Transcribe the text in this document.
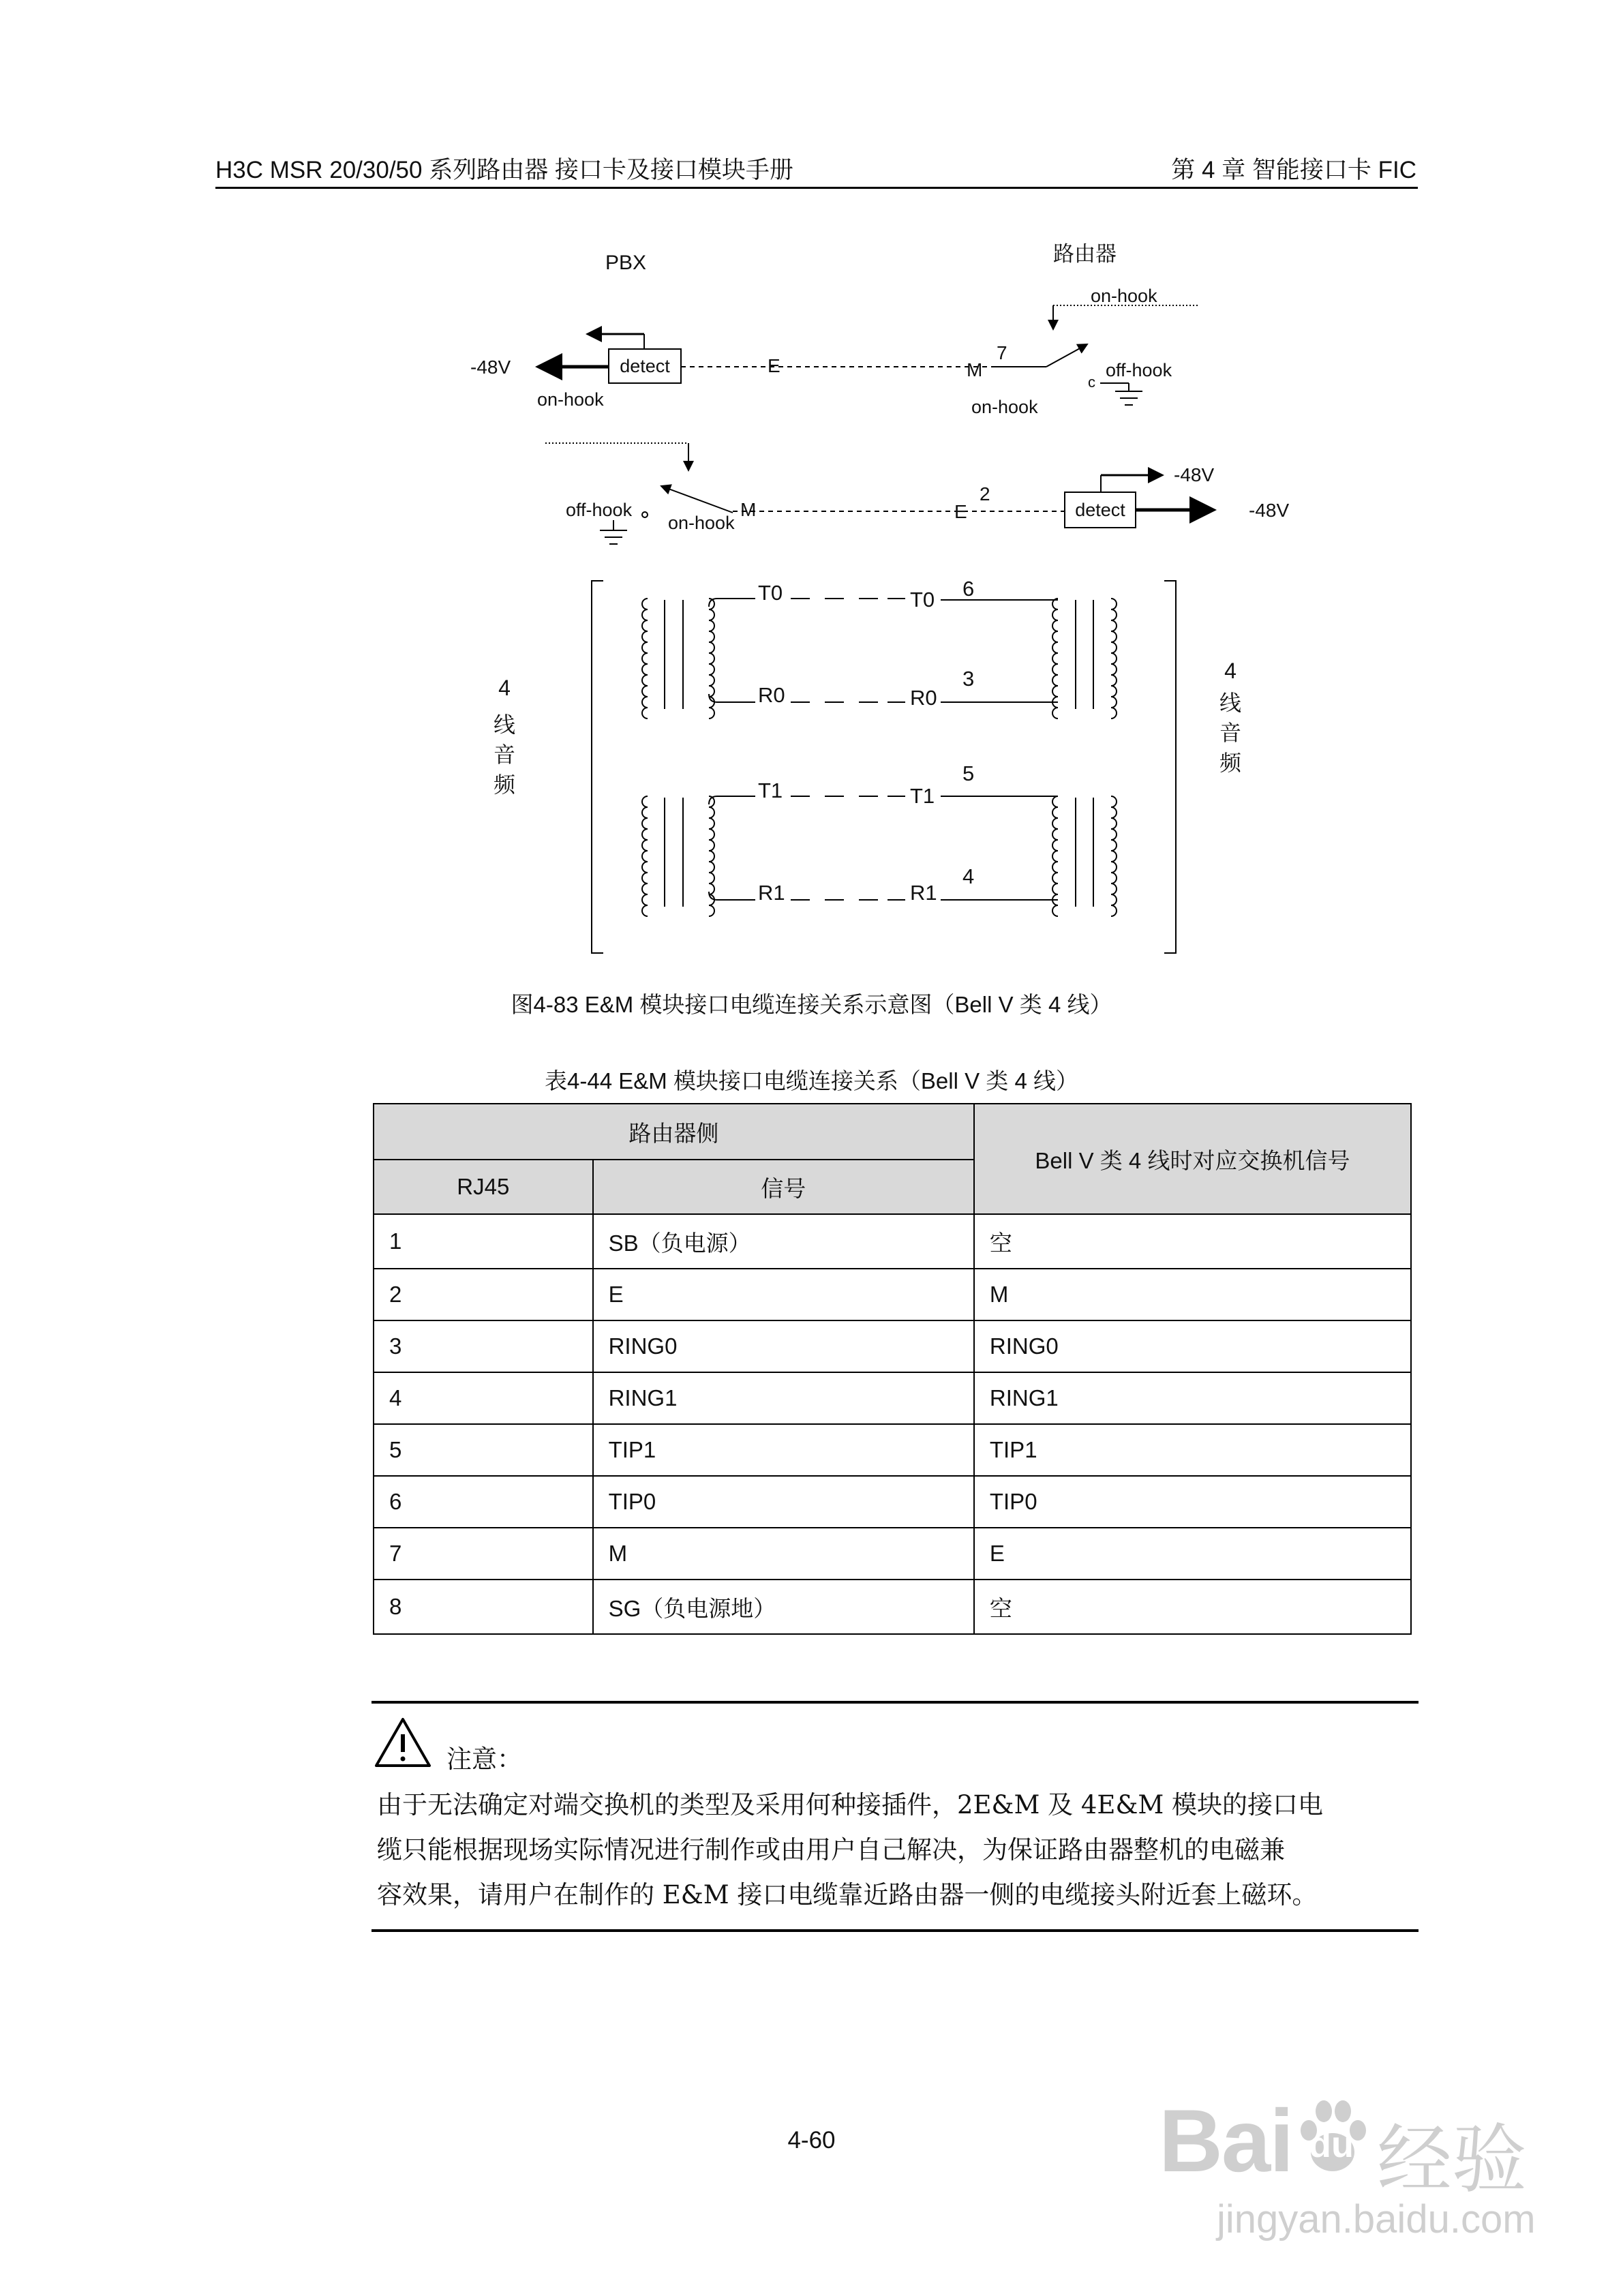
H3C MSR 20/30/50 系列路由器 接口卡及接口模块手册	第 4 章 智能接口卡 FIC
PBX	路由器
-48V	detect
on-hook
E	M
7
on-hook
c
off-hook
on-hook
off-hook
on-hook
M	E
2
detect
-48V
-48V
4
线
音
频
4
线
音
频
T0	T0 6
R0	R0
3
T1	T1
5
R1	R1
4
图4-83 E&M 模块接口电缆连接关系示意图（Bell V 类 4 线）
表4-44 E&M 模块接口电缆连接关系（Bell V 类 4 线）
路由器侧		Bell V 类 4 线时对应交换机信号
RJ45	信号	
1	SB（负电源）	空
2	E	M
3	RING0	RING0
4	RING1	RING1
5	TIP1	TIP1
6	TIP0	TIP0
7	M	E
8	SG（负电源地）	空
注意：
由于无法确定对端交换机的类型及采用何种接插件，2E&M 及 4E&M 模块的接口电
缆只能根据现场实际情况进行制作或由用户自己解决，为保证路由器整机的电磁兼
容效果，请用户在制作的 E&M 接口电缆靠近路由器一侧的电缆接头附近套上磁环。
4-60	Bai du 经验
jingyan.baidu.com
